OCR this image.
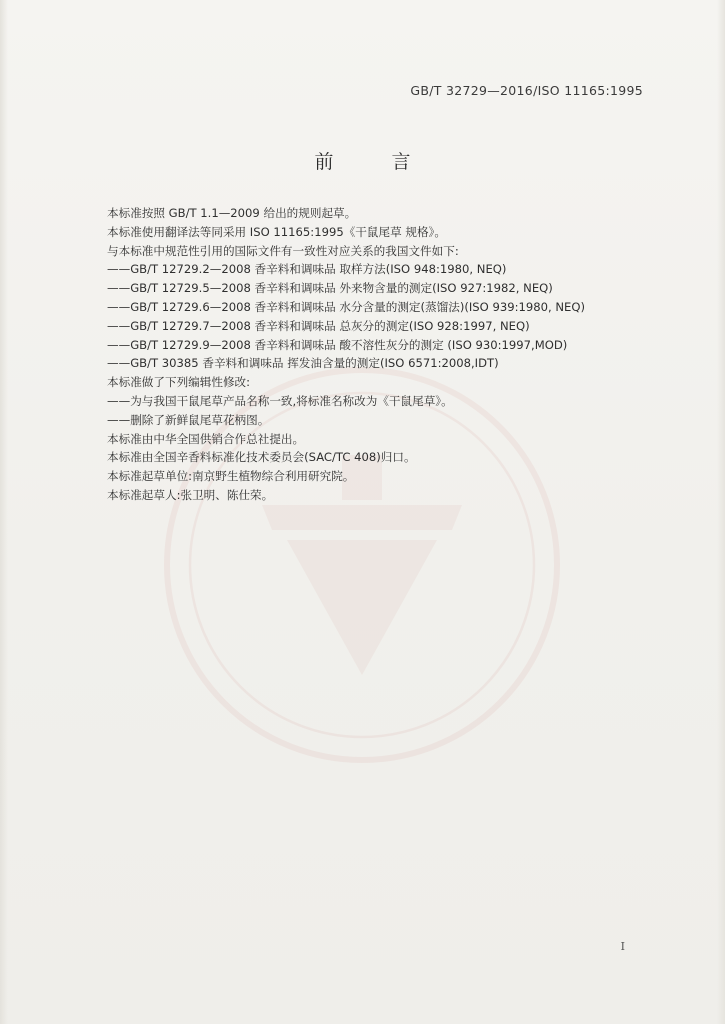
GB/T 32729—2016/ISO 11165:1995
前 言

本标准按照 GB/T 1.1—2009 给出的规则起草。

本标准使用翻译法等同采用 ISO 11165:1995《干鼠尾草 规格》。

与本标准中规范性引用的国际文件有一致性对应关系的我国文件如下:

——GB/T 12729.2—2008 香辛料和调味品 取样方法(ISO 948:1980, NEQ)
——GB/T 12729.5—2008 香辛料和调味品 外来物含量的测定(ISO 927:1982, NEQ)
——GB/T 12729.6—2008 香辛料和调味品 水分含量的测定(蒸馏法)(ISO 939:1980, NEQ)
——GB/T 12729.7—2008 香辛料和调味品 总灰分的测定(ISO 928:1997, NEQ)
——GB/T 12729.9—2008 香辛料和调味品 酸不溶性灰分的测定 (ISO 930:1997,MOD)
——GB/T 30385 香辛料和调味品 挥发油含量的测定(ISO 6571:2008,IDT)

本标准做了下列编辑性修改:

——为与我国干鼠尾草产品名称一致,将标准名称改为《干鼠尾草》。
——删除了新鲜鼠尾草花柄图。

本标准由中华全国供销合作总社提出。

本标准由全国辛香料标准化技术委员会(SAC/TC 408)归口。

本标准起草单位:南京野生植物综合利用研究院。

本标准起草人:张卫明、陈仕荣。

I
